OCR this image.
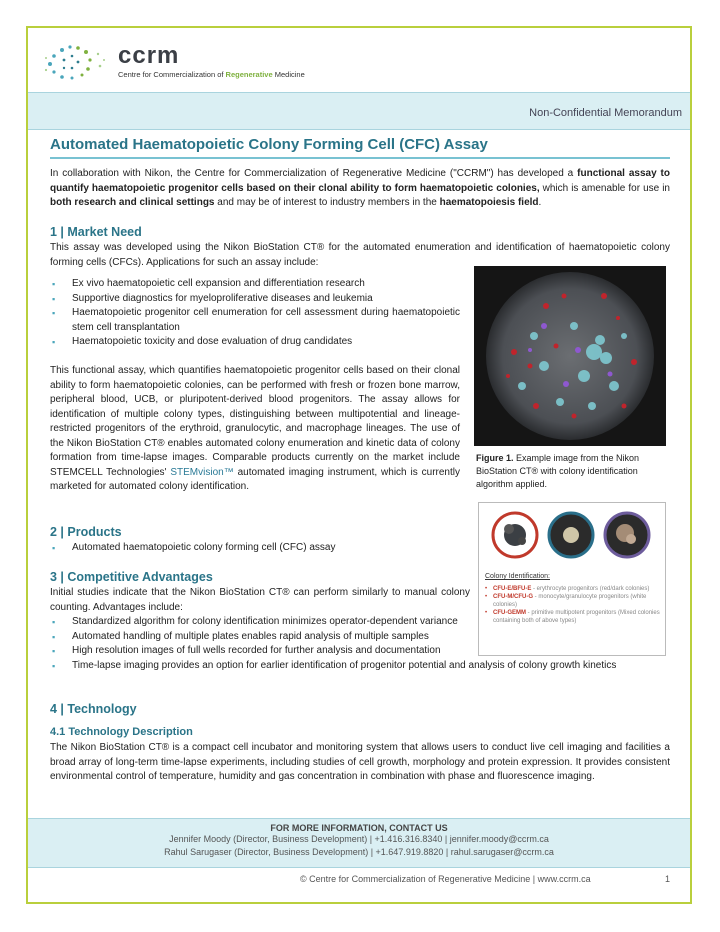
ccrm
Centre for Commercialization of Regenerative Medicine
Non-Confidential Memorandum
Automated Haematopoietic Colony Forming Cell (CFC) Assay

In collaboration with Nikon, the Centre for Commercialization of Regenerative Medicine ("CCRM") has developed a functional assay to quantify haematopoietic progenitor cells based on their clonal ability to form haematopoietic colonies, which is amenable for use in both research and clinical settings and may be of interest to industry members in the haematopoiesis field.

1 | Market Need

This assay was developed using the Nikon BioStation CT® for the automated enumeration and identification of haematopoietic colony forming cells (CFCs). Applications for such an assay include:

▪ Ex vivo haematopoietic cell expansion and differentiation research
▪ Supportive diagnostics for myeloproliferative diseases and leukemia
▪ Haematopoietic progenitor cell enumeration for cell assessment during haematopoietic stem cell transplantation
▪ Haematopoietic toxicity and dose evaluation of drug candidates

This functional assay, which quantifies haematopoietic progenitor cells based on their clonal ability to form haematopoietic colonies, can be performed with fresh or frozen bone marrow, peripheral blood, UCB, or pluripotent-derived blood progenitors. The assay allows for identification of multiple colony types, distinguishing between multipotential and lineage-restricted progenitors of the erythroid, granulocytic, and macrophage lineages. The use of the Nikon BioStation CT® enables automated colony enumeration and kinetic data of colony formation from time-lapse images. Comparable products currently on the market include STEMCELL Technologies' STEMvision™ automated imaging instrument, which is currently marketed for automated colony identification.

Figure 1. Example image from the Nikon BioStation CT® with colony identification algorithm applied.
2 | Products
▪ Automated haematopoietic colony forming cell (CFC) assay
Colony Identification:
• CFU-E/BFU-E - erythrocyte progenitors (red/dark colonies)
• CFU-M/CFU-G - monocyte/granulocyte progenitors (white colonies)
• CFU-GEMM - primitive multipotent progenitors (Mixed colonies containing both of above types)
3 | Competitive Advantages

Initial studies indicate that the Nikon BioStation CT® can perform similarly to manual colony counting. Advantages include:

▪ Standardized algorithm for colony identification minimizes operator-dependent variance
▪ Automated handling of multiple plates enables rapid analysis of multiple samples
▪ High resolution images of full wells recorded for further analysis and documentation
▪ Time-lapse imaging provides an option for earlier identification of progenitor potential and analysis of colony growth kinetics
4 | Technology
4.1 Technology Description

The Nikon BioStation CT® is a compact cell incubator and monitoring system that allows users to conduct live cell imaging and facilities a broad array of long-term time-lapse experiments, including studies of cell growth, morphology and protein expression. It provides consistent environmental control of temperature, humidity and gas concentration in combination with phase and fluorescence imaging.

FOR MORE INFORMATION, CONTACT US
Jennifer Moody (Director, Business Development) | +1.416.316.8340 | jennifer.moody@ccrm.ca
Rahul Sarugaser (Director, Business Development) | +1.647.919.8820 | rahul.sarugaser@ccrm.ca
© Centre for Commercialization of Regenerative Medicine | www.ccrm.ca	1
